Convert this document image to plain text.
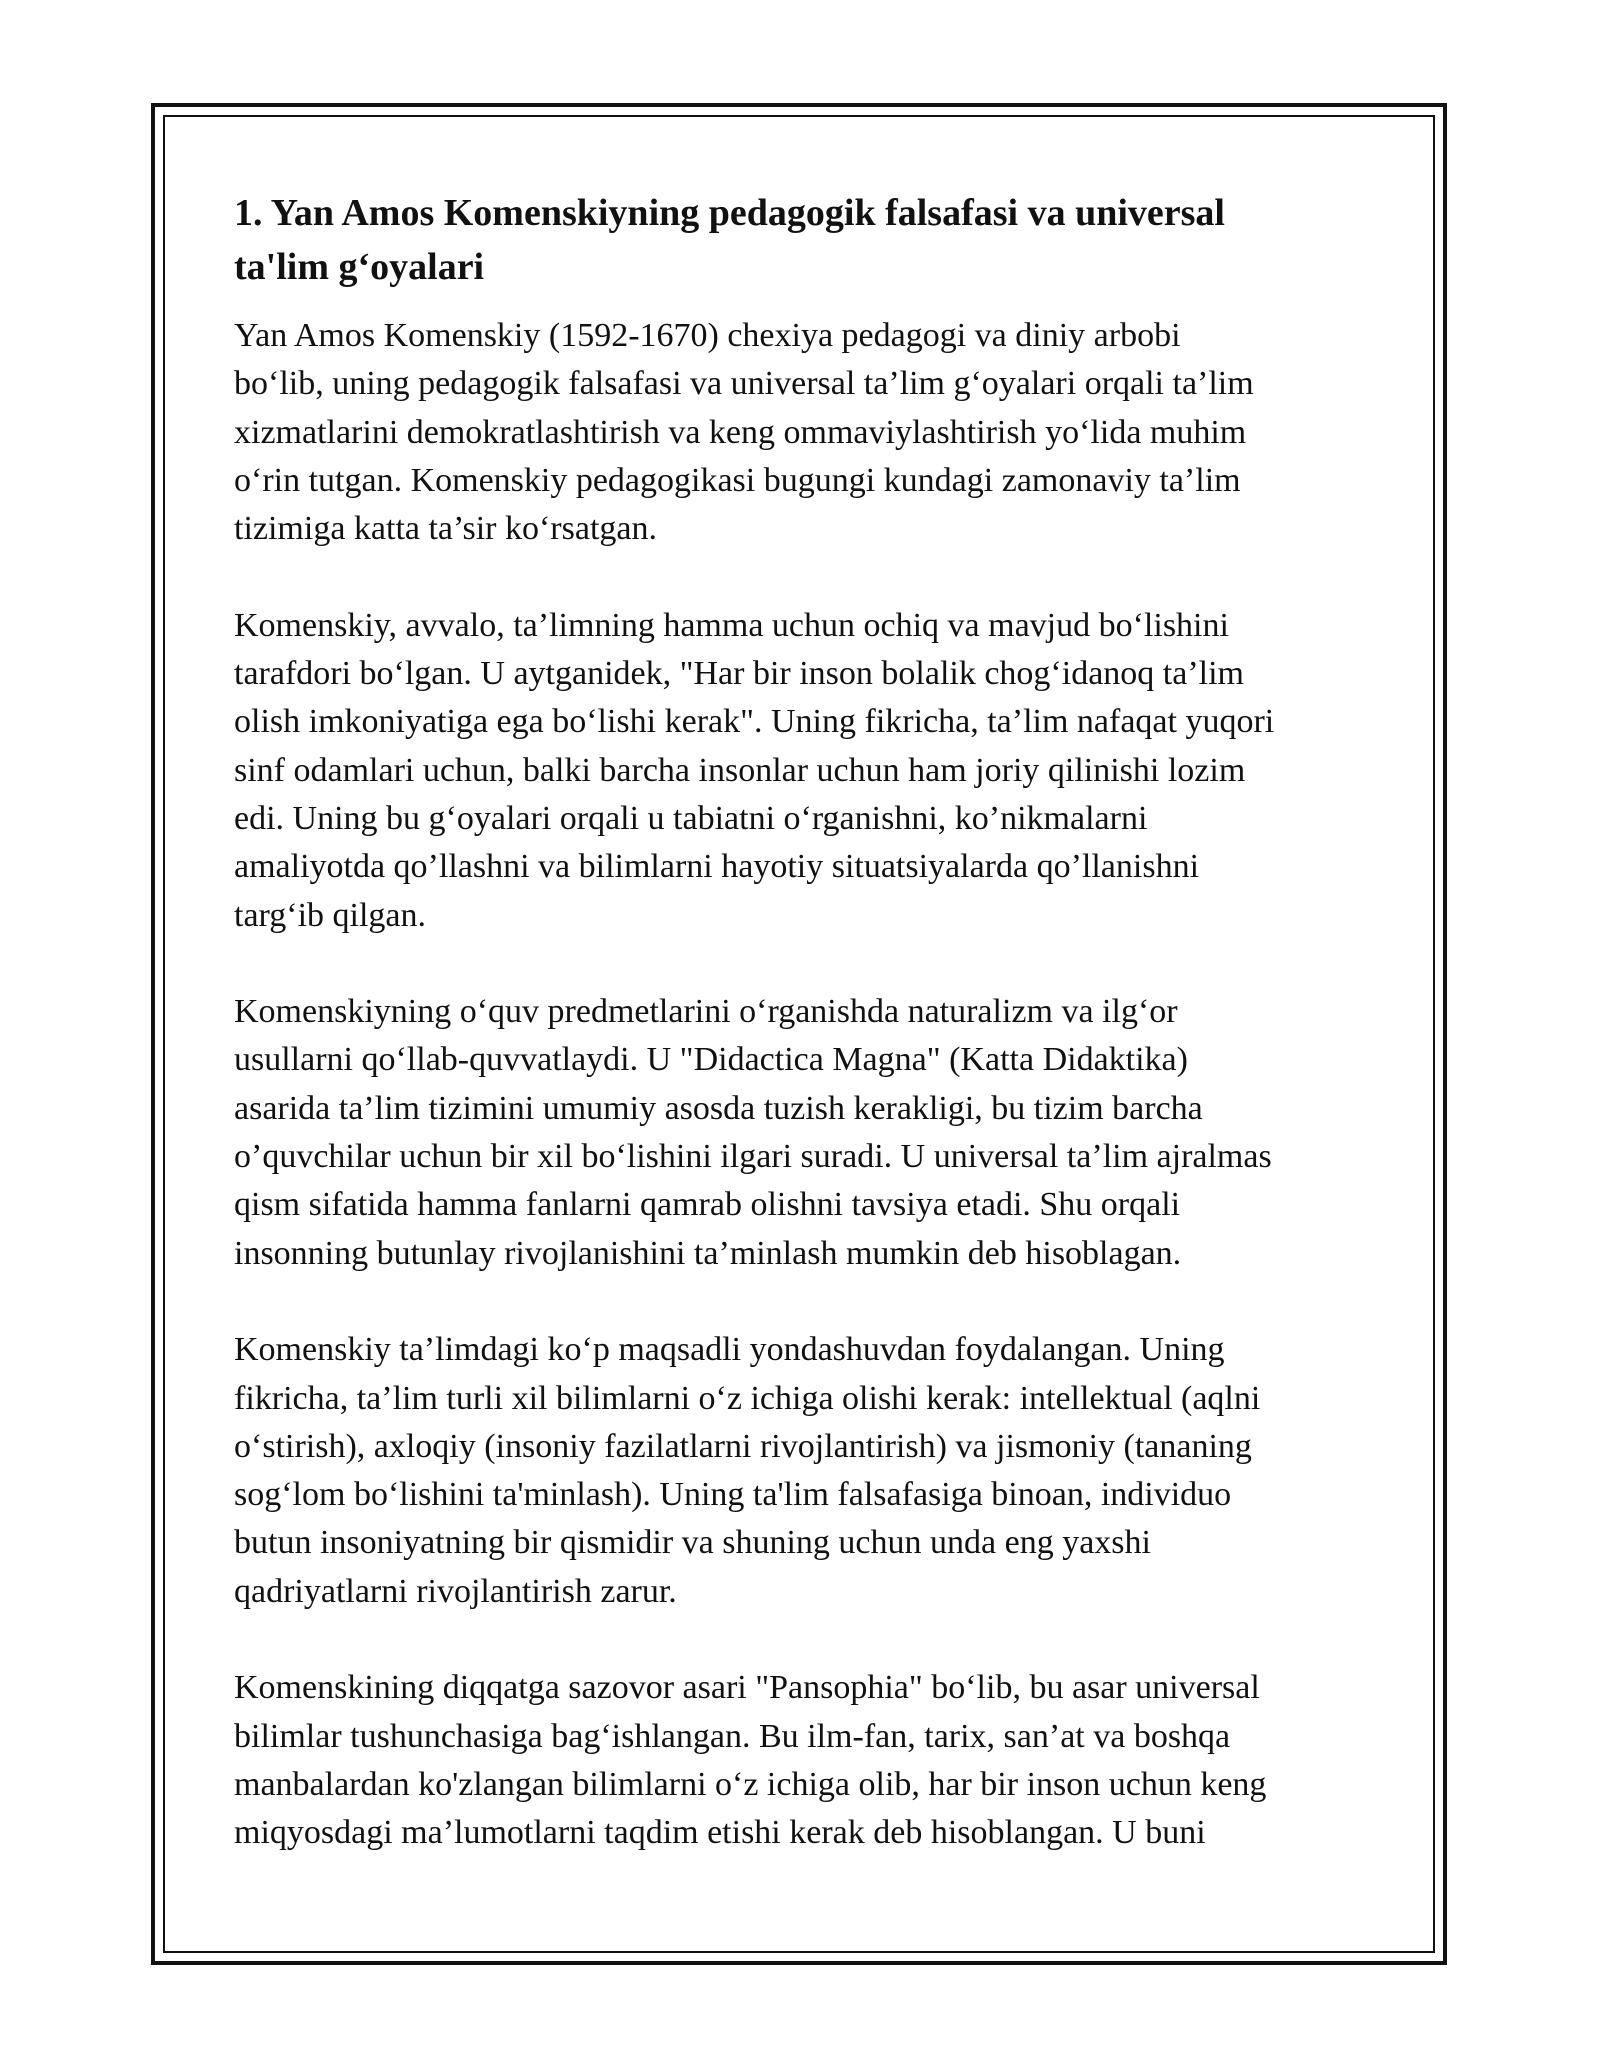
1. Yan Amos Komenskiyning pedagogik falsafasi va universal
ta'lim g‘oyalari

Yan Amos Komenskiy (1592-1670) chexiya pedagogi va diniy arbobi
bo‘lib, uning pedagogik falsafasi va universal ta’lim g‘oyalari orqali ta’lim
xizmatlarini demokratlashtirish va keng ommaviylashtirish yo‘lida muhim
o‘rin tutgan. Komenskiy pedagogikasi bugungi kundagi zamonaviy ta’lim
tizimiga katta ta’sir ko‘rsatgan.

Komenskiy, avvalo, ta’limning hamma uchun ochiq va mavjud bo‘lishini
tarafdori bo‘lgan. U aytganidek, "Har bir inson bolalik chog‘idanoq ta’lim
olish imkoniyatiga ega bo‘lishi kerak". Uning fikricha, ta’lim nafaqat yuqori
sinf odamlari uchun, balki barcha insonlar uchun ham joriy qilinishi lozim
edi. Uning bu g‘oyalari orqali u tabiatni o‘rganishni, ko’nikmalarni
amaliyotda qo’llashni va bilimlarni hayotiy situatsiyalarda qo’llanishni
targ‘ib qilgan.

Komenskiyning o‘quv predmetlarini o‘rganishda naturalizm va ilg‘or
usullarni qo‘llab-quvvatlaydi. U "Didactica Magna" (Katta Didaktika)
asarida ta’lim tizimini umumiy asosda tuzish kerakligi, bu tizim barcha
o’quvchilar uchun bir xil bo‘lishini ilgari suradi. U universal ta’lim ajralmas
qism sifatida hamma fanlarni qamrab olishni tavsiya etadi. Shu orqali
insonning butunlay rivojlanishini ta’minlash mumkin deb hisoblagan.

Komenskiy ta’limdagi ko‘p maqsadli yondashuvdan foydalangan. Uning
fikricha, ta’lim turli xil bilimlarni o‘z ichiga olishi kerak: intellektual (aqlni
o‘stirish), axloqiy (insoniy fazilatlarni rivojlantirish) va jismoniy (tananing
sog‘lom bo‘lishini ta'minlash). Uning ta'lim falsafasiga binoan, individuo
butun insoniyatning bir qismidir va shuning uchun unda eng yaxshi
qadriyatlarni rivojlantirish zarur.

Komenskining diqqatga sazovor asari "Pansophia" bo‘lib, bu asar universal
bilimlar tushunchasiga bag‘ishlangan. Bu ilm-fan, tarix, san’at va boshqa
manbalardan ko'zlangan bilimlarni o‘z ichiga olib, har bir inson uchun keng
miqyosdagi ma’lumotlarni taqdim etishi kerak deb hisoblangan. U buni
